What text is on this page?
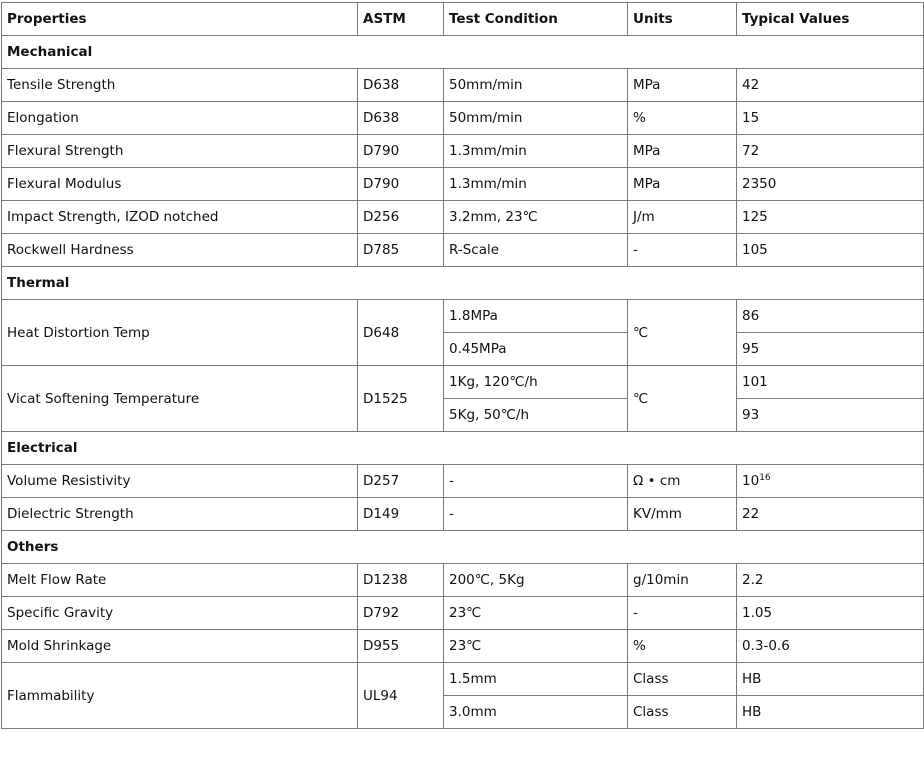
Properties	ASTM	Test Condition	Units	Typical Values
Mechanical				
Tensile Strength	D638	50mm/min	MPa	42
Elongation	D638	50mm/min	%	15
Flexural Strength	D790	1.3mm/min	MPa	72
Flexural Modulus	D790	1.3mm/min	MPa	2350
Impact Strength, IZOD notched	D256	3.2mm, 23℃	J/m	125
Rockwell Hardness	D785	R-Scale	-	105
Thermal				
Heat Distortion Temp	D648	1.8MPa	℃	86
		0.45MPa		95
Vicat Softening Temperature	D1525	1Kg, 120℃/h	℃	101
		5Kg, 50℃/h		93
Electrical				
Volume Resistivity	D257	-	Ω • cm	$10^{16}$
Dielectric Strength	D149	-	KV/mm	22
Others				
Melt Flow Rate	D1238	200℃, 5Kg	g/10min	2.2
Specific Gravity	D792	23℃	-	1.05
Mold Shrinkage	D955	23℃	%	0.3-0.6
Flammability	UL94	1.5mm	Class	HB
		3.0mm	Class	HB
